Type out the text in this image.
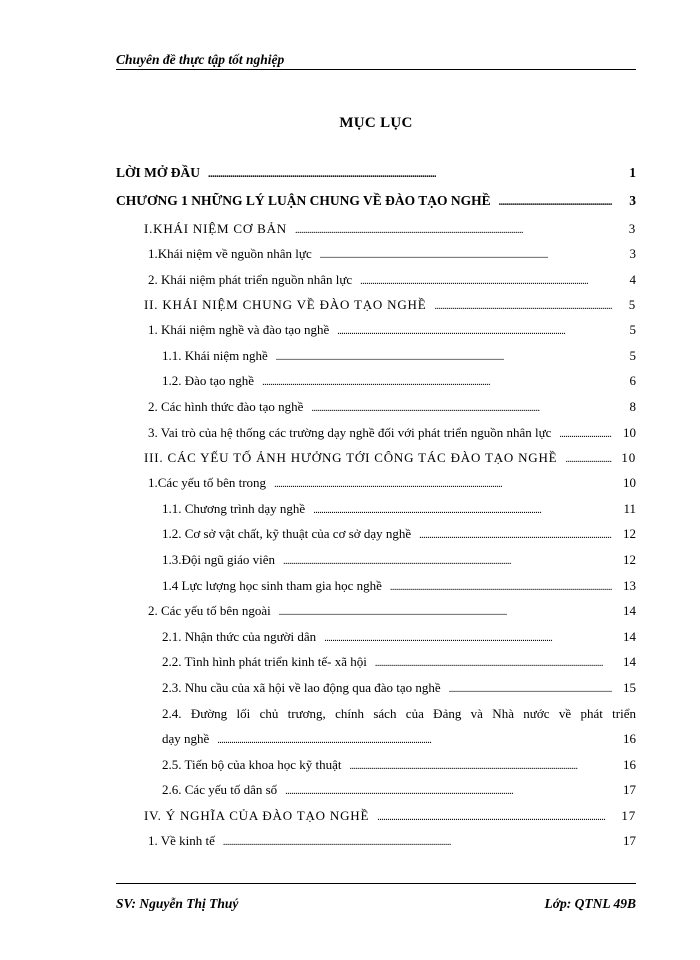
Chuyên đề thực tập tốt nghiệp
MỤC LỤC
LỜI MỞ ĐẦU . . .	1
CHƯƠNG 1 NHỮNG LÝ LUẬN CHUNG VỀ ĐÀO TẠO NGHỀ . . .	3
I.KHÁI NIỆM CƠ BẢN . . .	3
1.Khái niệm về nguồn nhân lực . . .	3
2. Khái niệm phát triển nguồn nhân lực . . .	4
II. KHÁI NIỆM CHUNG VỀ ĐÀO TẠO NGHỀ . . .	5
1. Khái niệm nghề và đào tạo nghề . . .	5
1.1. Khái niệm nghề . . .	5
1.2. Đào tạo nghề . . .	6
2. Các hình thức đào tạo nghề . . .	8
3. Vai trò của hệ thống các trường dạy nghề đối với phát triển nguồn nhân lực . . .	10
III. CÁC YẾU TỐ ẢNH HƯỞNG TỚI CÔNG TÁC ĐÀO TẠO NGHỀ . . .	10
1.Các yếu tố bên trong . . .	10
1.1. Chương trình dạy nghề . . .	11
1.2. Cơ sở vật chất, kỹ thuật của cơ sở dạy nghề . . .	12
1.3.Đội ngũ giáo viên . . .	12
1.4 Lực lượng học sinh tham gia học nghề . . .	13
2. Các yếu tố bên ngoài . . .	14
2.1. Nhận thức của người dân . . .	14
2.2. Tình hình phát triển kinh tế- xã hội . . .	14
2.3. Nhu cầu của xã hội về lao động qua đào tạo nghề . . .	15
2.4. Đường lối chủ trương, chính sách của Đảng và Nhà nước về phát triển
dạy nghề . . .	16
2.5. Tiến bộ của khoa học kỹ thuật . . .	16
2.6. Các yếu tố dân số . . .	17
IV. Ý NGHĨA CỦA ĐÀO TẠO NGHỀ . . .	17
1. Về kinh tế . . .	17
SV: Nguyễn Thị Thuý	Lớp: QTNL 49B
